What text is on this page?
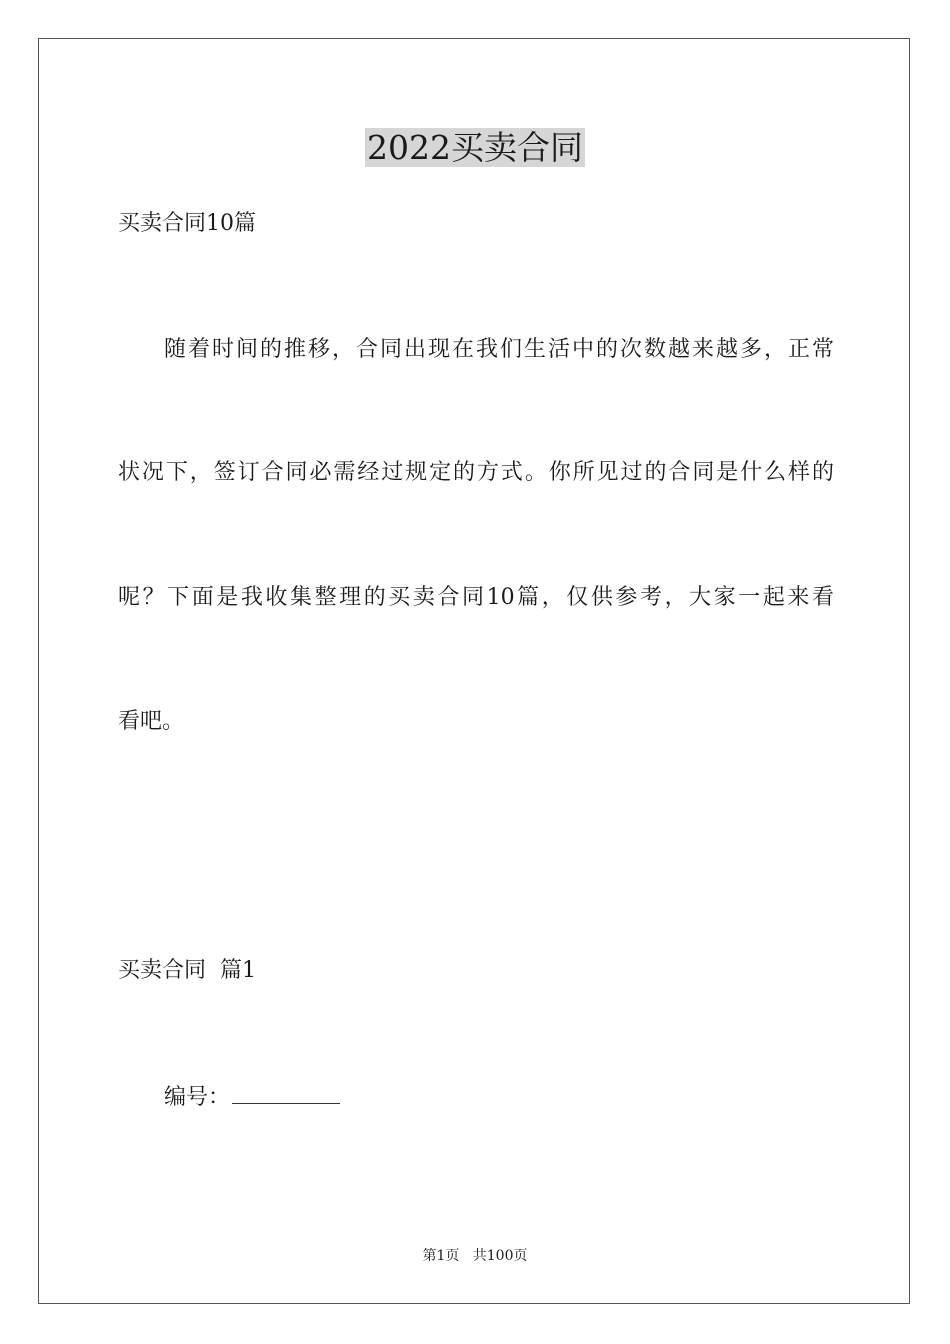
2022买卖合同

买卖合同10篇

随着时间的推移，合同出现在我们生活中的次数越来越多，正常

状况下，签订合同必需经过规定的方式。你所见过的合同是什么样的

呢？下面是我收集整理的买卖合同10篇，仅供参考，大家一起来看

看吧。

买卖合同  篇1

编号：

第1页   共100页
